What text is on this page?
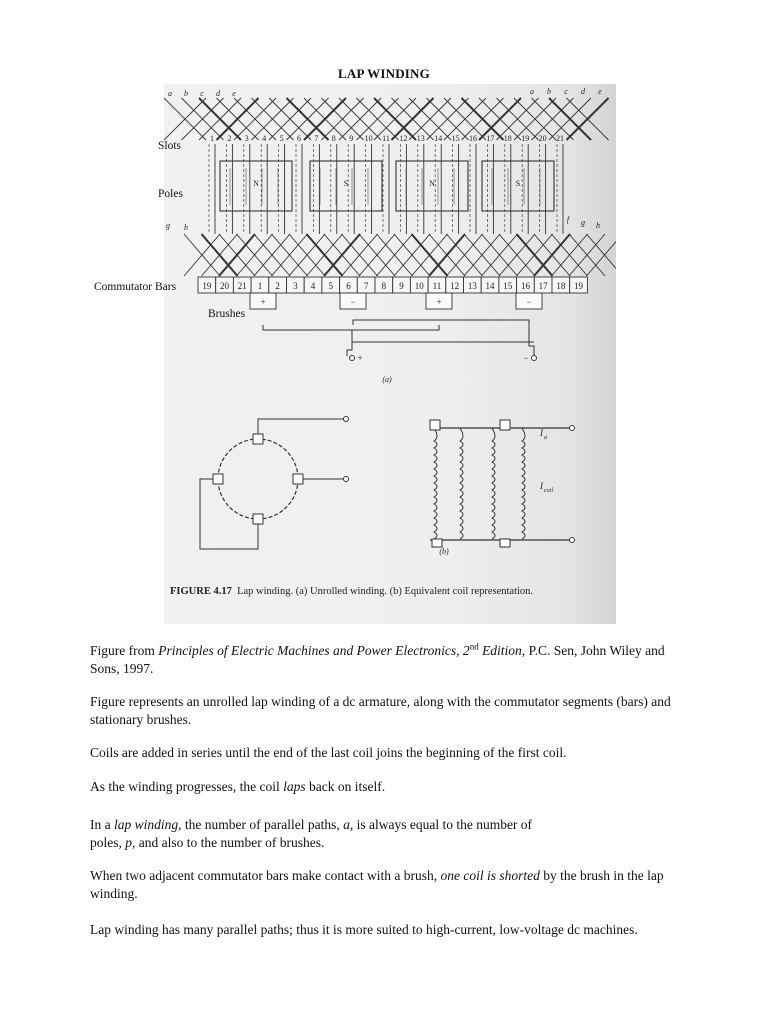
LAP WINDING
a b c d e	a b c d e
1 2 3 4 5 6 7 8 9 10 11 12 13 14 15 16 17 18 19 20 21
N	S	N	S
g h
f g h
19 20 21 1 2 3 4 5 6 7 8 9 10 11 12 13 14 15 16 17 18 19
+	−	+	−
+	−
(a)
I a
I coil
(b)
Slots
Poles
Commutator Bars
Brushes
FIGURE 4.17 Lap winding. (a) Unrolled winding. (b) Equivalent coil representation.

Figure from Principles of Electric Machines and Power Electronics, 2nd Edition, P.C. Sen, John Wiley and Sons, 1997.

Figure represents an unrolled lap winding of a dc armature, along with the commutator segments (bars) and stationary brushes.

Coils are added in series until the end of the last coil joins the beginning of the first coil.

As the winding progresses, the coil laps back on itself.

In a lap winding, the number of parallel paths, a, is always equal to the number of
poles, p, and also to the number of brushes.

When two adjacent commutator bars make contact with a brush, one coil is shorted by the brush in the lap winding.

Lap winding has many parallel paths; thus it is more suited to high-current, low-voltage dc machines.
